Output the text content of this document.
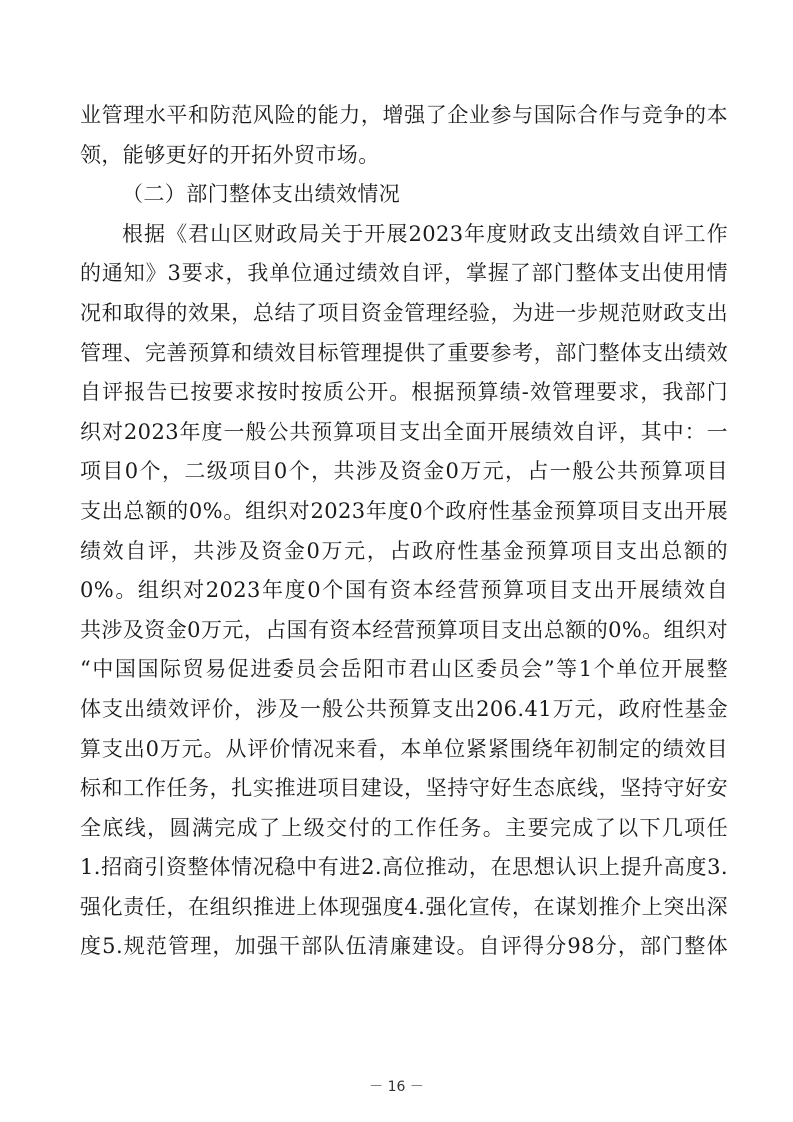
业管理水平和防范风险的能力，增强了企业参与国际合作与竞争的本
领，能够更好的开拓外贸市场。
（二）部门整体支出绩效情况
根据《君山区财政局关于开展2023年度财政支出绩效自评工作
的通知》3要求，我单位通过绩效自评，掌握了部门整体支出使用情
况和取得的效果，总结了项目资金管理经验，为进一步规范财政支出
管理、完善预算和绩效目标管理提供了重要参考，部门整体支出绩效
自评报告已按要求按时按质公开。根据预算绩-效管理要求，我部门
织对2023年度一般公共预算项目支出全面开展绩效自评，其中：一
项目0个，二级项目0个，共涉及资金0万元，占一般公共预算项目
支出总额的0%。组织对2023年度0个政府性基金预算项目支出开展
绩效自评，共涉及资金0万元，占政府性基金预算项目支出总额的
0%。组织对2023年度0个国有资本经营预算项目支出开展绩效自
共涉及资金0万元，占国有资本经营预算项目支出总额的0%。组织对
“中国国际贸易促进委员会岳阳市君山区委员会”等1个单位开展整
体支出绩效评价，涉及一般公共预算支出206.41万元，政府性基金
算支出0万元。从评价情况来看，本单位紧紧围绕年初制定的绩效目
标和工作任务，扎实推进项目建设，坚持守好生态底线，坚持守好安
全底线，圆满完成了上级交付的工作任务。主要完成了以下几项任
1.招商引资整体情况稳中有进2.高位推动，在思想认识上提升高度3.
强化责任，在组织推进上体现强度4.强化宣传，在谋划推介上突出深
度5.规范管理，加强干部队伍清廉建设。自评得分98分，部门整体
－ 16 －
